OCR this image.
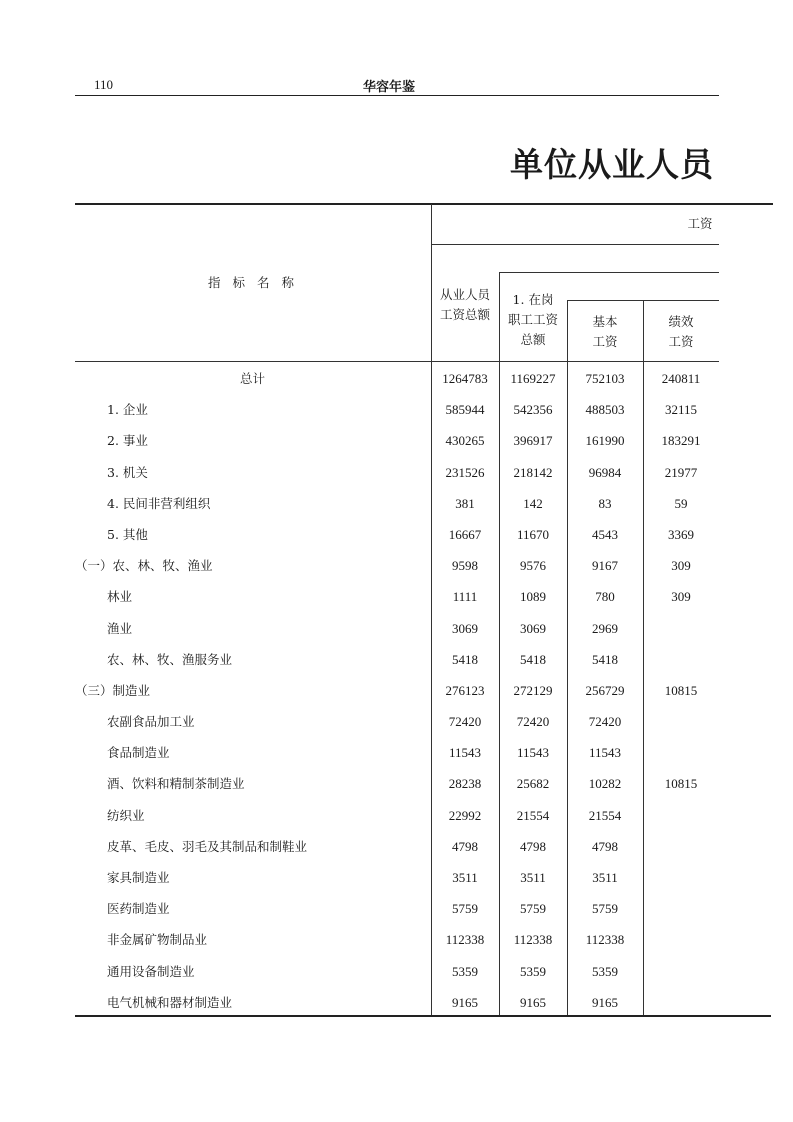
110	华容年鉴
单位从业人员
指 标 名 称
工资
从业人员
工资总额
1. 在岗
职工工资
总额
基本
工资
绩效
工资
总计	1264783	1169227	752103	240811
1. 企业	585944	542356	488503	32115
2. 事业	430265	396917	161990	183291
3. 机关	231526	218142	96984	21977
4. 民间非营利组织	381	142	83	59
5. 其他	16667	11670	4543	3369
（一）农、林、牧、渔业	9598	9576	9167	309
林业	1111	1089	780	309
渔业	3069	3069	2969
农、林、牧、渔服务业	5418	5418	5418
（三）制造业	276123	272129	256729	10815
农副食品加工业	72420	72420	72420
食品制造业	11543	11543	11543
酒、饮料和精制茶制造业	28238	25682	10282	10815
纺织业	22992	21554	21554
皮革、毛皮、羽毛及其制品和制鞋业	4798	4798	4798
家具制造业	3511	3511	3511
医药制造业	5759	5759	5759
非金属矿物制品业	112338	112338	112338
通用设备制造业	5359	5359	5359
电气机械和器材制造业	9165	9165	9165
